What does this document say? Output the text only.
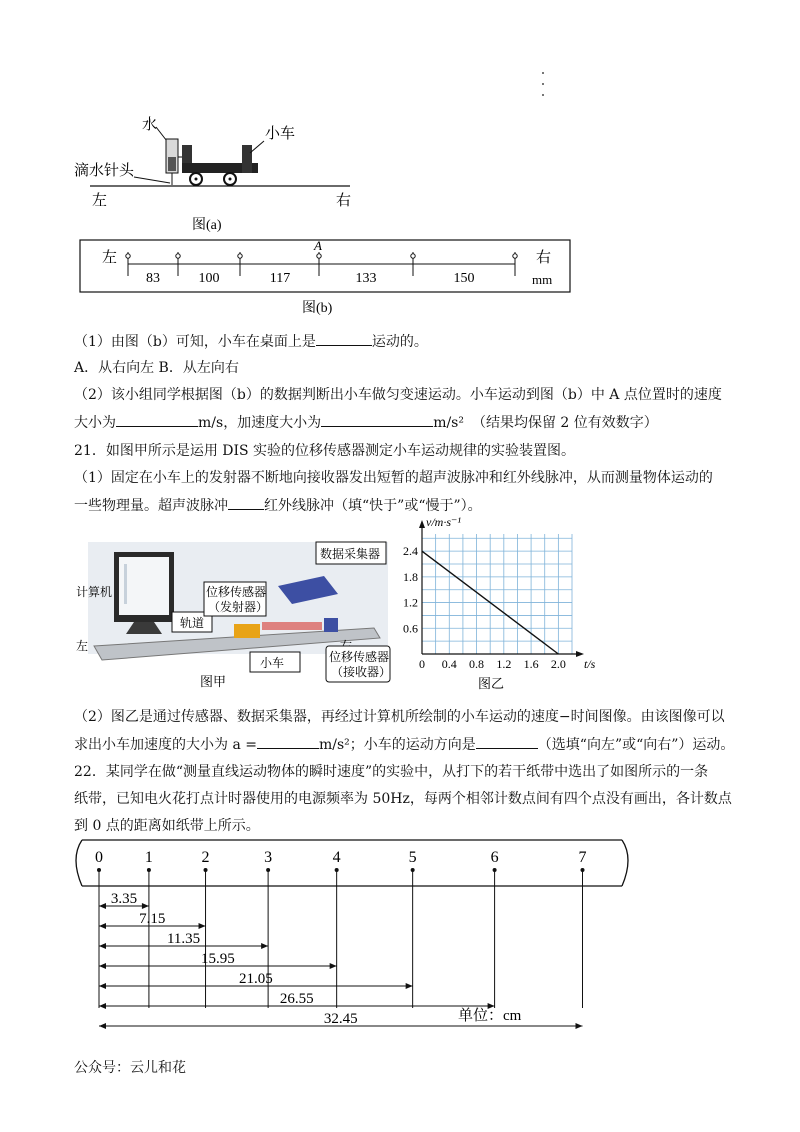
水
小车
滴水针头
左	右
图(a)
左	右
mm
A
83	100	117	133	150
图(b)
（1）由图（b）可知，小车在桌面上是	运动的。
A．从右向左 B．从左向右
（2）该小组同学根据图（b）的数据判断出小车做匀变速运动。小车运动到图（b）中 A 点位置时的速度
大小为	m/s，加速度大小为	m/s² （结果均保留 2 位有效数字）
21．如图甲所示是运用 DIS 实验的位移传感器测定小车运动规律的实验装置图。
（1）固定在小车上的发射器不断地向接收器发出短暂的超声波脉冲和红外线脉冲，从而测量物体运动的
一些物理量。超声波脉冲	红外线脉冲（填“快于”或“慢于”）。
计算机
数据采集器
轨道
左
位移传感器
（发射器）
小车	位移传感器
（接收器）
图甲
0 0.4 0.8 1.2 1.6 2.0
2.4
1.8
1.2
0.6
v/m·s⁻¹
t/s
图乙
（2）图乙是通过传感器、数据采集器，再经过计算机所绘制的小车运动的速度−时间图像。由该图像可以
求出小车加速度的大小为 a =	m/s²；小车的运动方向是	（选填“向左”或“向右”）运动。
22．某同学在做“测量直线运动物体的瞬时速度”的实验中，从打下的若干纸带中选出了如图所示的一条
纸带，已知电火花打点计时器使用的电源频率为 50Hz，每两个相邻计数点间有四个点没有画出，各计数点
到 0 点的距离如纸带上所示。
0	1	2	3	4	5	6	7
3.35
7.15
11.35
15.95
21.05
26.55
32.45	单位：cm
公众号：云儿和花
